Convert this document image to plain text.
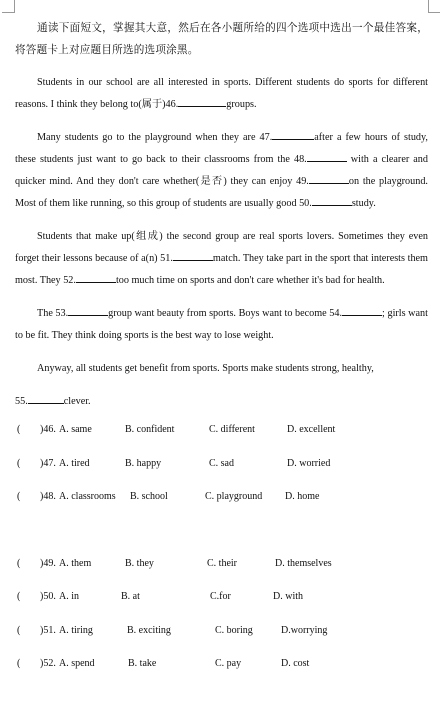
通读下面短文，掌握其大意，然后在各小题所给的四个选项中选出一个最佳答案，将答题卡上对应题目所选的选项涂黑。

Students in our school are all interested in sports. Different students do sports for different reasons. I think they belong to(属于)46.	groups.

Many students go to the playground when they are 47.	after a few hours of study, these students just want to go back to their classrooms from the 48.	with a clearer and quicker mind. And they don't care whether(是否) they can enjoy 49.	on the playground. Most of them like running, so this group of students are usually good 50.	study.

Students that make up(组成) the second group are real sports lovers. Sometimes they even forget their lessons because of a(n) 51.	match. They take part in the sport that interests them most. They 52.	too much time on sports and don't care whether it's bad for health.

The 53.	group want beauty from sports. Boys want to become 54.	; girls want to be fit. They think doing sports is the best way to lose weight.

Anyway, all students get benefit from sports. Sports make students strong, healthy,

55.	clever.

( )46. A. same	B. confident	C. different	D. excellent
( )47. A. tired	B. happy	C. sad	D. worried
( )48. A. classrooms B. school	C. playground D. home
( )49. A. them	B. they	C. their	D. themselves
( )50. A. in	B. at	C.for	D. with
( )51. A. tiring	B. exciting	C. boring	D.worrying
( )52. A. spend	B. take	C. pay	D. cost
